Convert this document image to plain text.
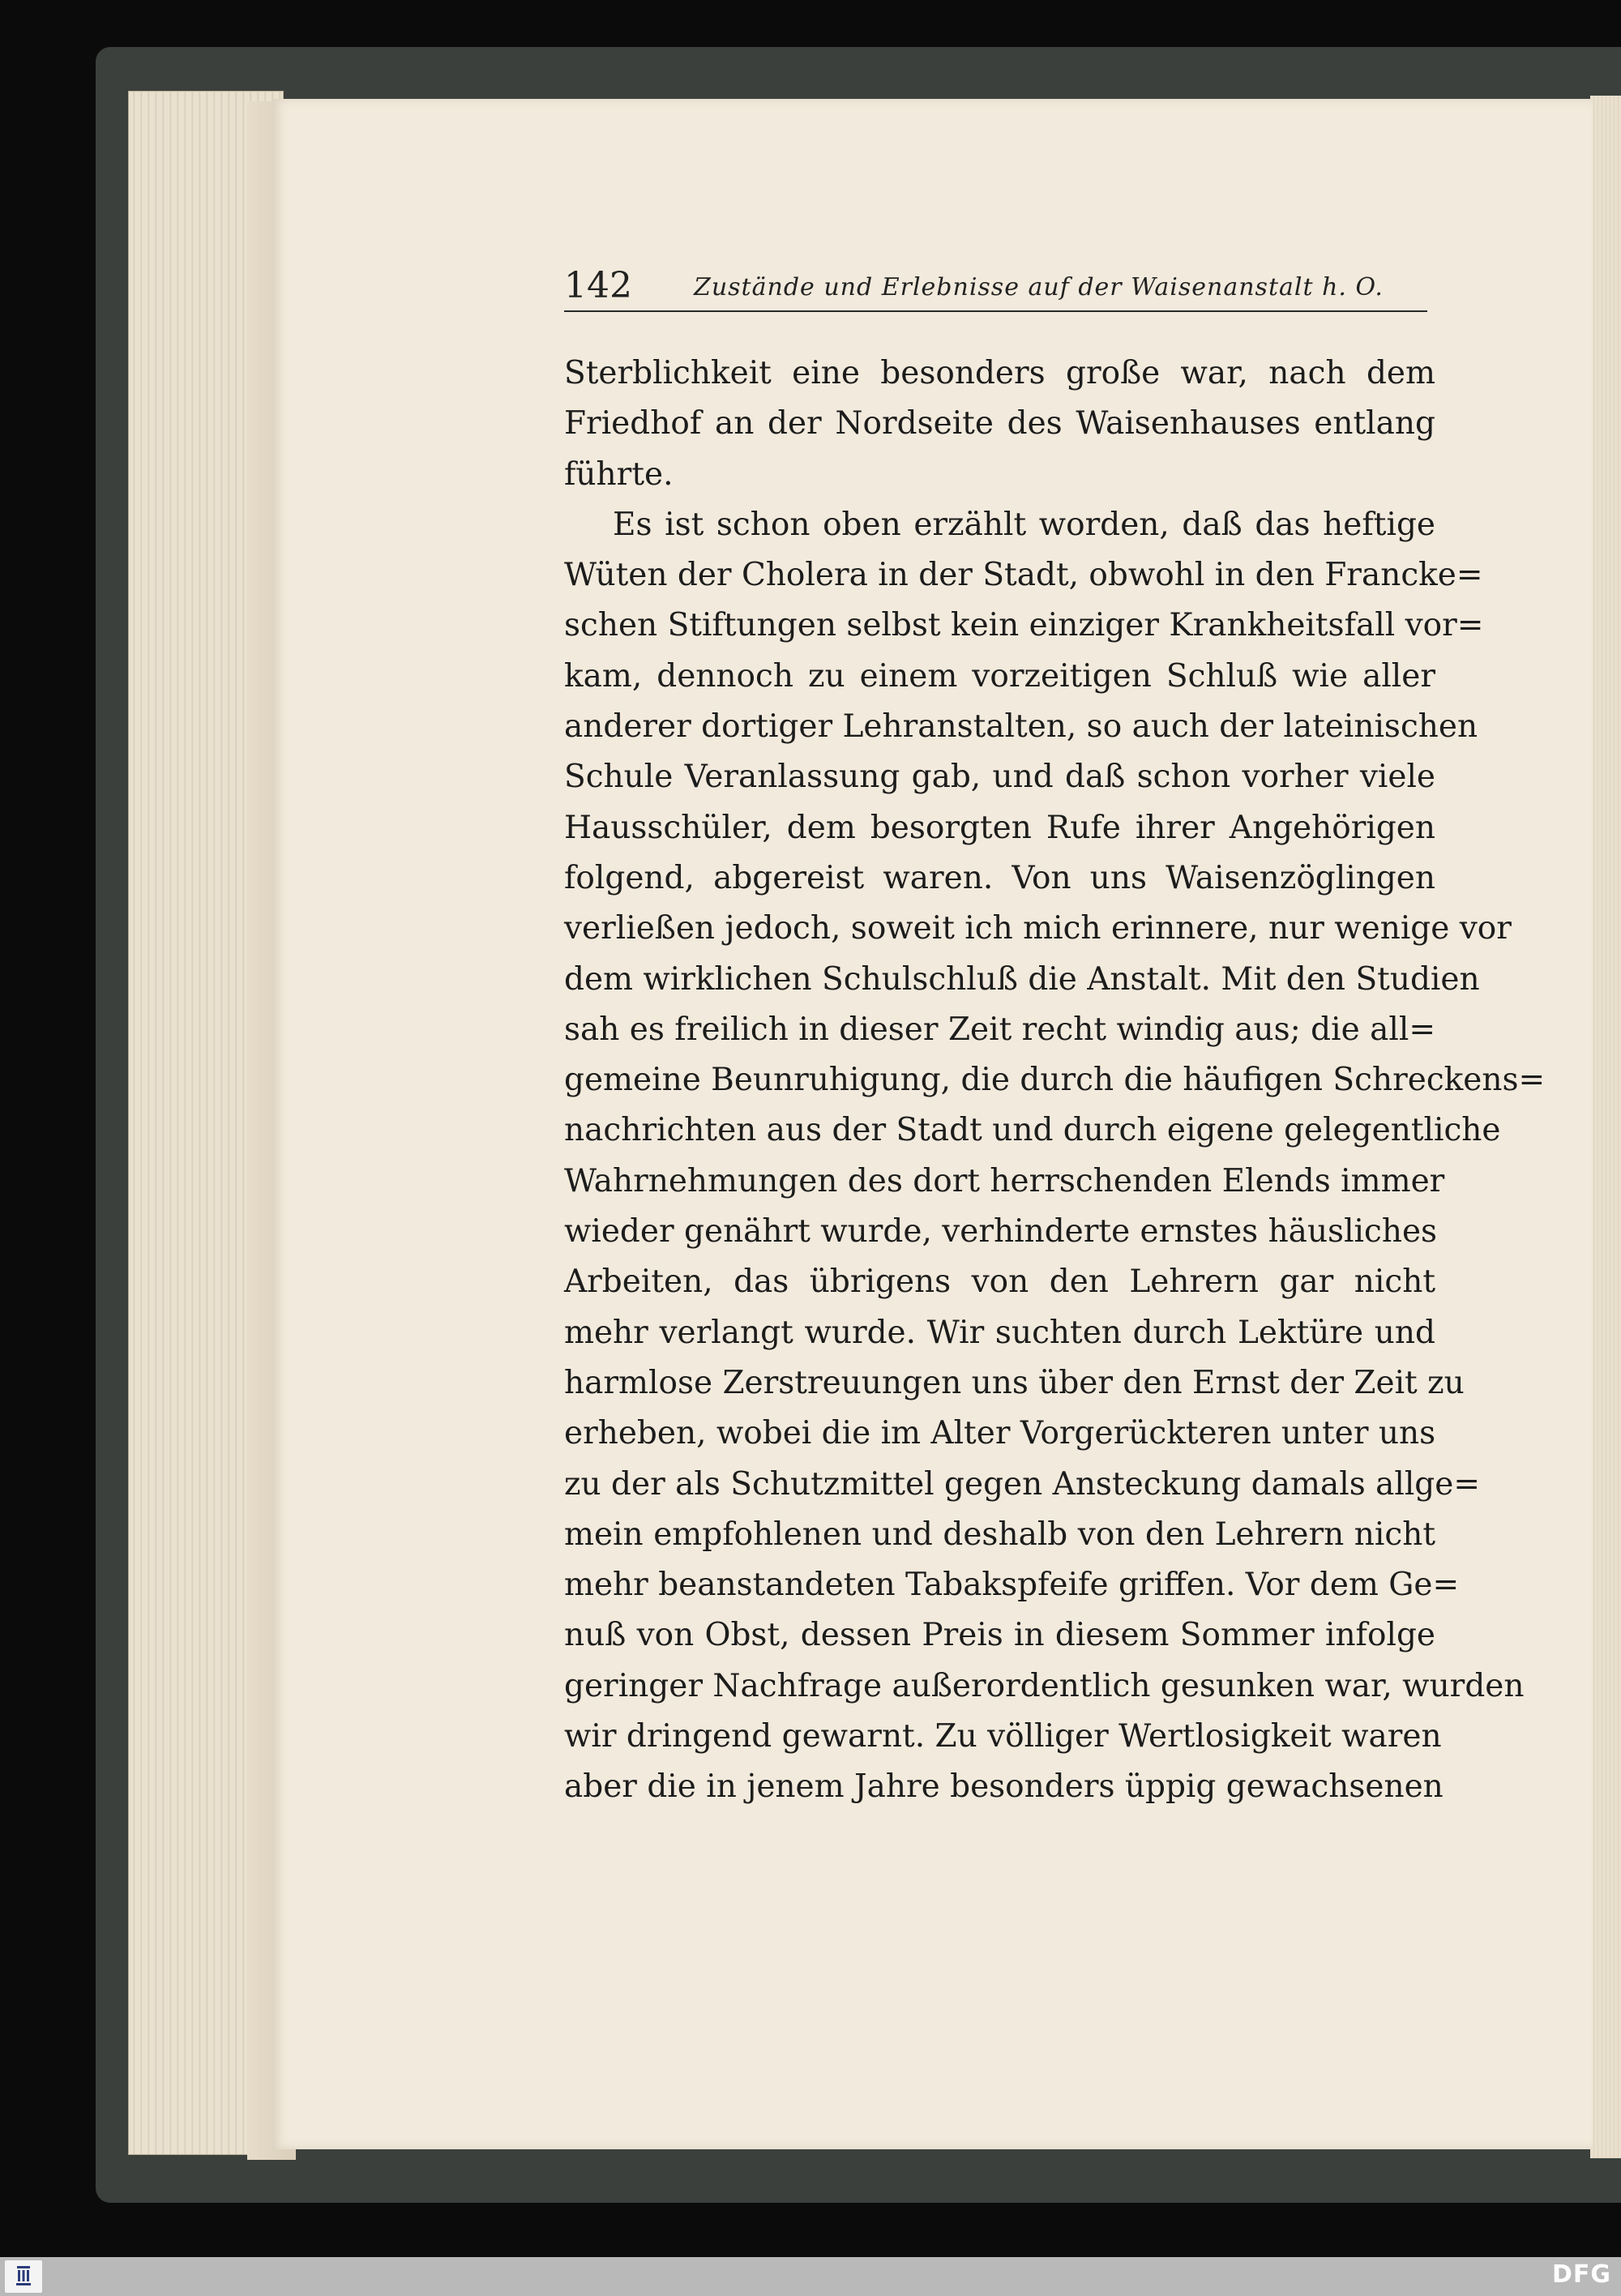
142	Zustände und Erlebnisse auf der Waisenanstalt h. O.
Sterblichkeit eine besonders große war, nach dem
Friedhof an der Nordseite des Waisenhauses entlang
führte.
Es ist schon oben erzählt worden, daß das heftige
Wüten der Cholera in der Stadt, obwohl in den Francke=
schen Stiftungen selbst kein einziger Krankheitsfall vor=
kam, dennoch zu einem vorzeitigen Schluß wie aller
anderer dortiger Lehranstalten, so auch der lateinischen
Schule Veranlassung gab, und daß schon vorher viele
Hausschüler, dem besorgten Rufe ihrer Angehörigen
folgend, abgereist waren. Von uns Waisenzöglingen
verließen jedoch, soweit ich mich erinnere, nur wenige vor
dem wirklichen Schulschluß die Anstalt. Mit den Studien
sah es freilich in dieser Zeit recht windig aus; die all=
gemeine Beunruhigung, die durch die häufigen Schreckens=
nachrichten aus der Stadt und durch eigene gelegentliche
Wahrnehmungen des dort herrschenden Elends immer
wieder genährt wurde, verhinderte ernstes häusliches
Arbeiten, das übrigens von den Lehrern gar nicht
mehr verlangt wurde. Wir suchten durch Lektüre und
harmlose Zerstreuungen uns über den Ernst der Zeit zu
erheben, wobei die im Alter Vorgerückteren unter uns
zu der als Schutzmittel gegen Ansteckung damals allge=
mein empfohlenen und deshalb von den Lehrern nicht
mehr beanstandeten Tabakspfeife griffen. Vor dem Ge=
nuß von Obst, dessen Preis in diesem Sommer infolge
geringer Nachfrage außerordentlich gesunken war, wurden
wir dringend gewarnt. Zu völliger Wertlosigkeit waren
aber die in jenem Jahre besonders üppig gewachsenen
DFG
